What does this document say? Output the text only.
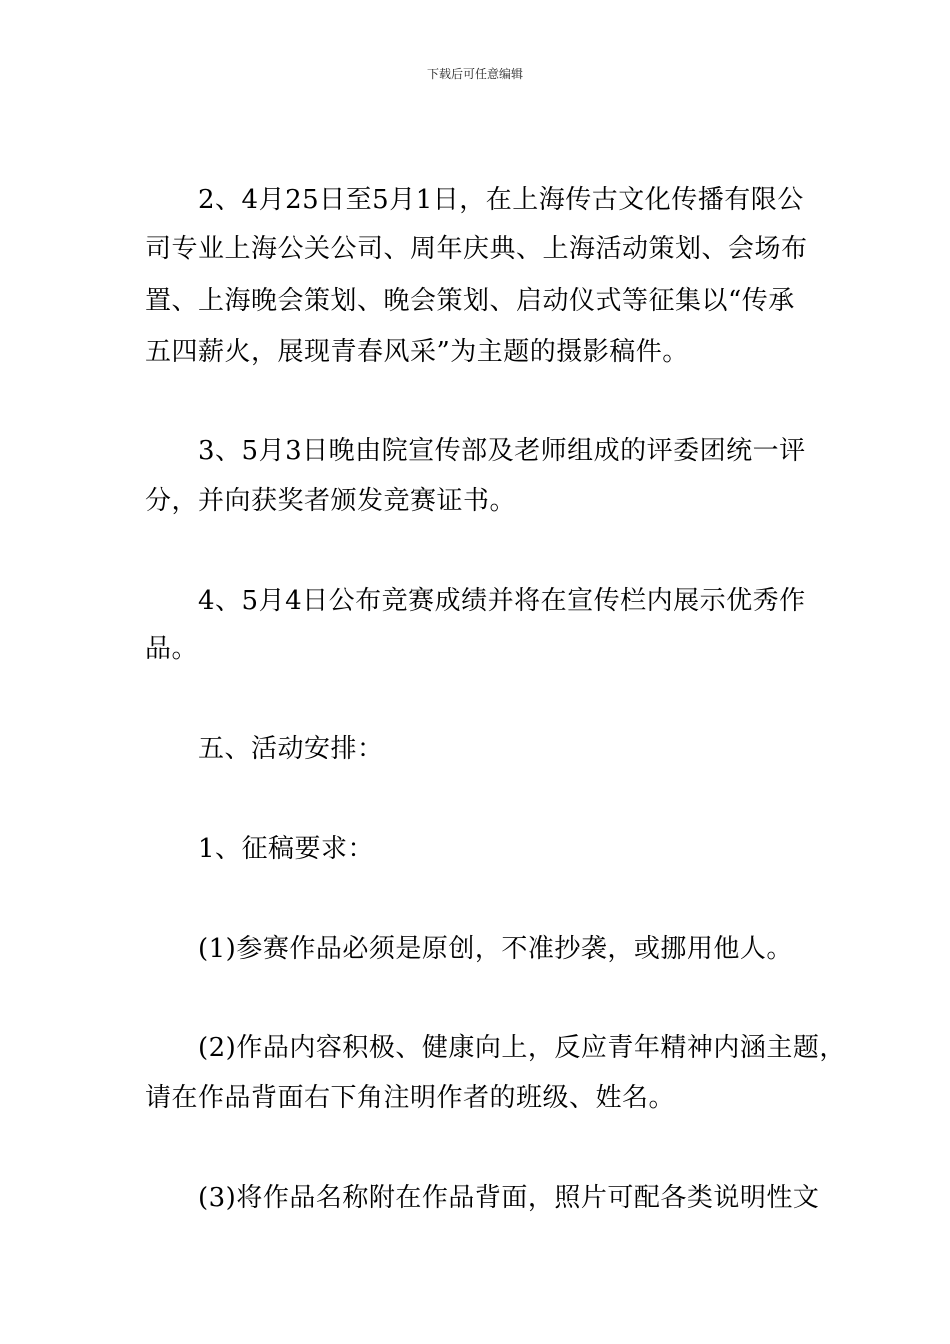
下载后可任意编辑
　　2、4月25日至5月1日，在上海传古文化传播有限公
司专业上海公关公司、周年庆典、上海活动策划、会场布
置、上海晚会策划、晚会策划、启动仪式等征集以“传承
五四薪火，展现青春风采”为主题的摄影稿件。
　　3、5月3日晚由院宣传部及老师组成的评委团统一评
分，并向获奖者颁发竞赛证书。
　　4、5月4日公布竞赛成绩并将在宣传栏内展示优秀作
品。
　　五、活动安排：
　　1、征稿要求：
　　(1)参赛作品必须是原创，不准抄袭，或挪用他人。
　　(2)作品内容积极、健康向上，反应青年精神内涵主题，
请在作品背面右下角注明作者的班级、姓名。
　　(3)将作品名称附在作品背面，照片可配各类说明性文
